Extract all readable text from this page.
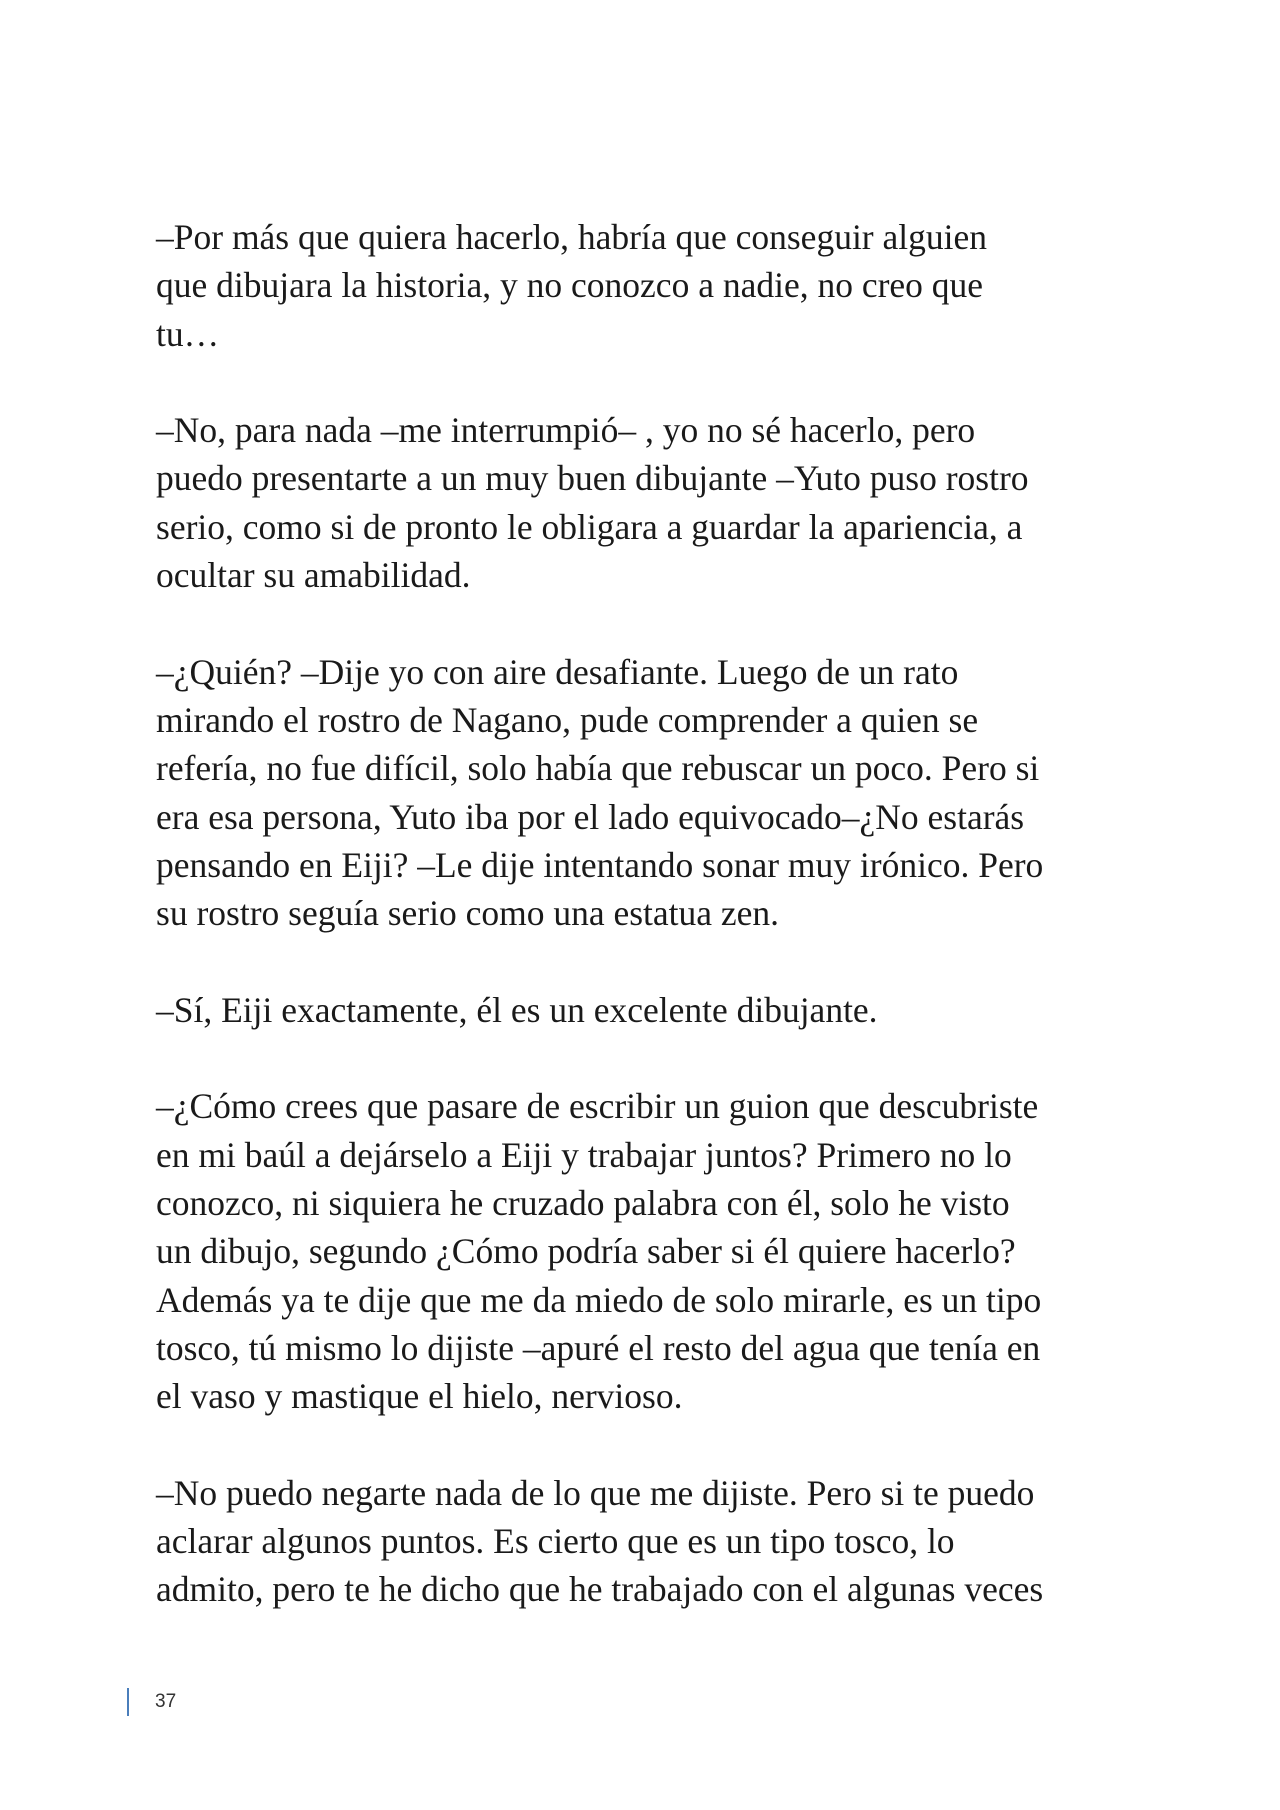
–Por más que quiera hacerlo, habría que conseguir alguien
que dibujara la historia, y no conozco a nadie, no creo que
tu…

–No, para nada –me interrumpió– , yo no sé hacerlo, pero
puedo presentarte a un muy buen dibujante –Yuto puso rostro
serio, como si de pronto le obligara a guardar la apariencia, a
ocultar su amabilidad.

–¿Quién? –Dije yo con aire desafiante. Luego de un rato
mirando el rostro de Nagano, pude comprender a quien se
refería, no fue difícil, solo había que rebuscar un poco. Pero si
era esa persona, Yuto iba por el lado equivocado–¿No estarás
pensando en Eiji? –Le dije intentando sonar muy irónico. Pero
su rostro seguía serio como una estatua zen.

–Sí, Eiji exactamente, él es un excelente dibujante.

–¿Cómo crees que pasare de escribir un guion que descubriste
en mi baúl a dejárselo a Eiji y trabajar juntos? Primero no lo
conozco, ni siquiera he cruzado palabra con él, solo he visto
un dibujo, segundo ¿Cómo podría saber si él quiere hacerlo?
Además ya te dije que me da miedo de solo mirarle, es un tipo
tosco, tú mismo lo dijiste –apuré el resto del agua que tenía en
el vaso y mastique el hielo, nervioso.

–No puedo negarte nada de lo que me dijiste. Pero si te puedo
aclarar algunos puntos. Es cierto que es un tipo tosco, lo
admito, pero te he dicho que he trabajado con el algunas veces

37
